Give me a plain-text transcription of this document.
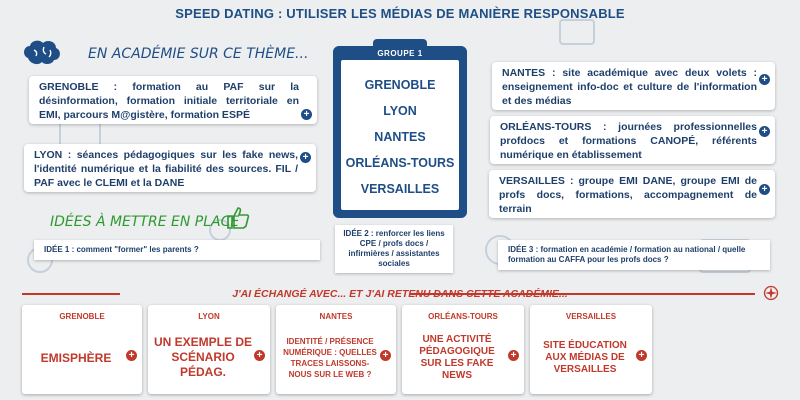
SPEED DATING : UTILISER LES MÉDIAS DE MANIÈRE RESPONSABLE
EN ACADÉMIE SUR CE THÈME...
GRENOBLE : formation au PAF sur la désinformation, formation initiale territoriale en EMI, parcours M@gistère, formation ESPÉ	+
LYON : séances pédagogiques sur les fake news, l'identité numérique et la fiabilité des sources. FIL / PAF avec le CLEMI et la DANE
+
IDÉES À METTRE EN PLACE
IDÉE 1 : comment "former" les parents ?
GROUPE 1
GRENOBLE
LYON
NANTES
ORLÉANS-TOURS
VERSAILLES
IDÉE 2 : renforcer les liens CPE / profs docs / infirmières / assistantes sociales
NANTES : site académique avec deux volets : enseignement info-doc et culture de l'information et des médias
+
ORLÉANS-TOURS : journées professionnelles profdocs et formations CANOPÉ, référents numérique en établissement
+
VERSAILLES : groupe EMI DANE, groupe EMI de profs docs, formations, accompagnement de terrain
+
IDÉE 3 : formation en académie / formation au national / quelle formation au CAFFA pour les profs docs ?
J'AI ÉCHANGÉ AVEC... ET J'AI RETENU DANS CETTE ACADÉMIE...
GRENOBLE
EMISPHÈRE	+
LYON
UN EXEMPLE DE SCÉNARIO PÉDAG.
+
NANTES
IDENTITÉ / PRÉSENCE NUMÉRIQUE : QUELLES TRACES LAISSONS-NOUS SUR LE WEB ?
+
ORLÉANS-TOURS
UNE ACTIVITÉ PÉDAGOGIQUE SUR LES FAKE NEWS
+
VERSAILLES
SITE ÉDUCATION AUX MÉDIAS DE VERSAILLES
+
